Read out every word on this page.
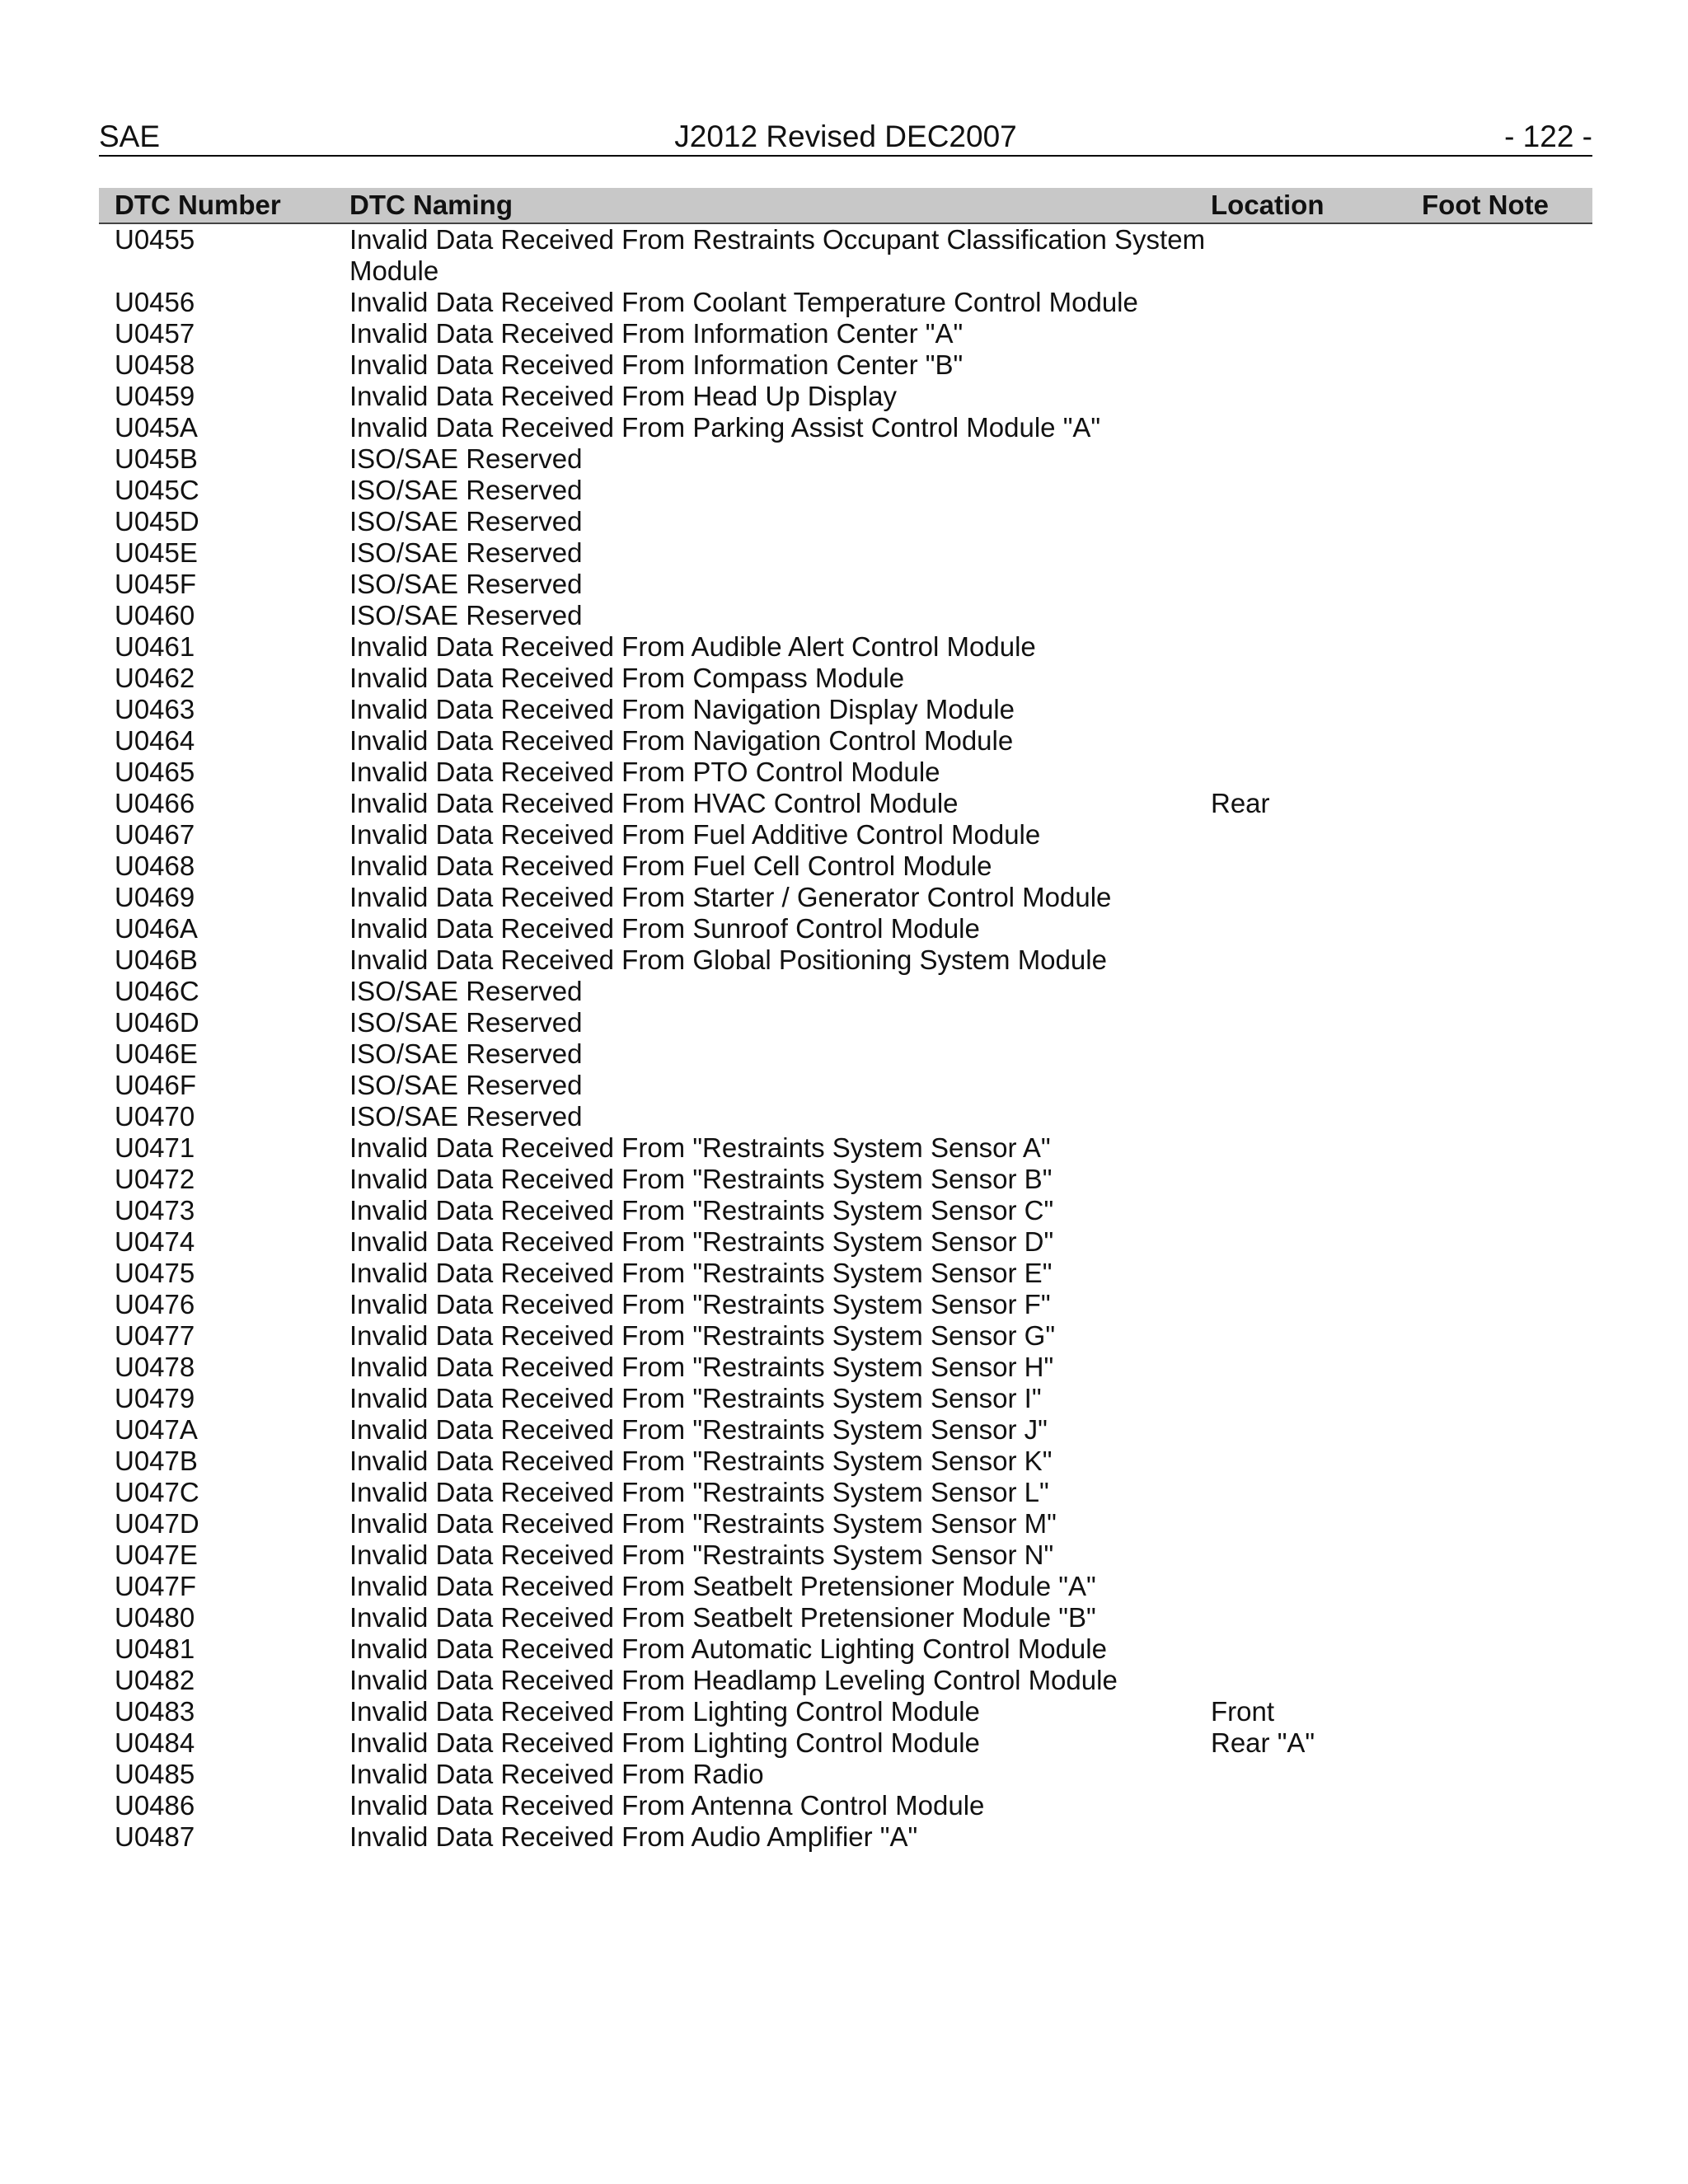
SAE	J2012 Revised DEC2007	- 122 -
DTC Number	DTC Naming	Location	Foot Note
U0455	Invalid Data Received From Restraints Occupant Classification System Module
U0456	Invalid Data Received From Coolant Temperature Control Module
U0457	Invalid Data Received From Information Center "A"
U0458	Invalid Data Received From Information Center "B"
U0459	Invalid Data Received From Head Up Display
U045A	Invalid Data Received From Parking Assist Control Module "A"
U045B	ISO/SAE Reserved
U045C	ISO/SAE Reserved
U045D	ISO/SAE Reserved
U045E	ISO/SAE Reserved
U045F	ISO/SAE Reserved
U0460	ISO/SAE Reserved
U0461	Invalid Data Received From Audible Alert Control Module
U0462	Invalid Data Received From Compass Module
U0463	Invalid Data Received From Navigation Display Module
U0464	Invalid Data Received From Navigation Control Module
U0465	Invalid Data Received From PTO Control Module
U0466	Invalid Data Received From HVAC Control Module	Rear
U0467	Invalid Data Received From Fuel Additive Control Module
U0468	Invalid Data Received From Fuel Cell Control Module
U0469	Invalid Data Received From Starter / Generator Control Module
U046A	Invalid Data Received From Sunroof Control Module
U046B	Invalid Data Received From Global Positioning System Module
U046C	ISO/SAE Reserved
U046D	ISO/SAE Reserved
U046E	ISO/SAE Reserved
U046F	ISO/SAE Reserved
U0470	ISO/SAE Reserved
U0471	Invalid Data Received From "Restraints System Sensor A"
U0472	Invalid Data Received From "Restraints System Sensor B"
U0473	Invalid Data Received From "Restraints System Sensor C"
U0474	Invalid Data Received From "Restraints System Sensor D"
U0475	Invalid Data Received From "Restraints System Sensor E"
U0476	Invalid Data Received From "Restraints System Sensor F"
U0477	Invalid Data Received From "Restraints System Sensor G"
U0478	Invalid Data Received From "Restraints System Sensor H"
U0479	Invalid Data Received From "Restraints System Sensor I"
U047A	Invalid Data Received From "Restraints System Sensor J"
U047B	Invalid Data Received From "Restraints System Sensor K"
U047C	Invalid Data Received From "Restraints System Sensor L"
U047D	Invalid Data Received From "Restraints System Sensor M"
U047E	Invalid Data Received From "Restraints System Sensor N"
U047F	Invalid Data Received From Seatbelt Pretensioner Module "A"
U0480	Invalid Data Received From Seatbelt Pretensioner Module "B"
U0481	Invalid Data Received From Automatic Lighting Control Module
U0482	Invalid Data Received From Headlamp Leveling Control Module
U0483	Invalid Data Received From Lighting Control Module	Front
U0484	Invalid Data Received From Lighting Control Module	Rear "A"
U0485	Invalid Data Received From Radio
U0486	Invalid Data Received From Antenna Control Module
U0487	Invalid Data Received From Audio Amplifier "A"
